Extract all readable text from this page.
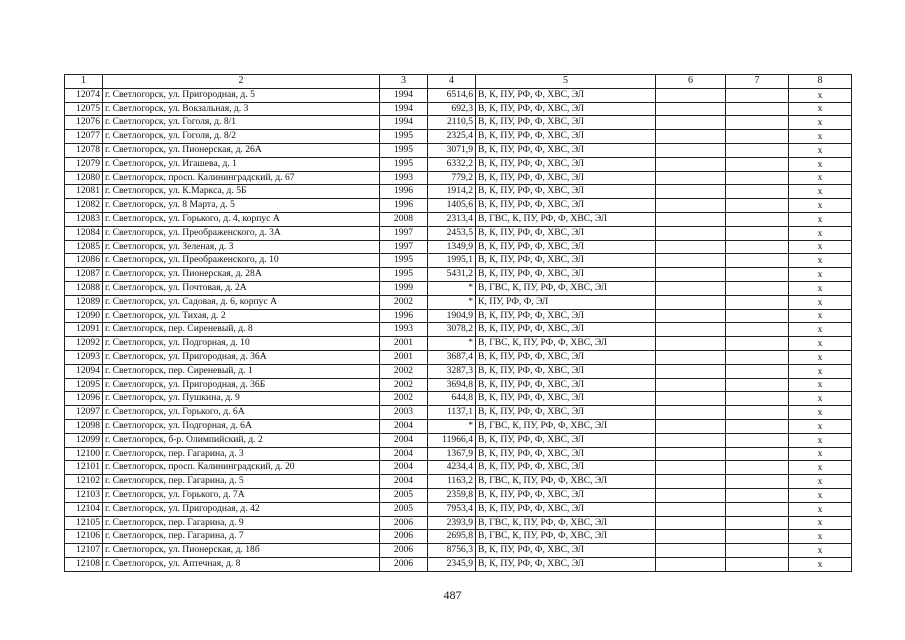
1	2	3	4	5	6	7	8
12074	г. Светлогорск, ул. Пригородная, д. 5	1994	6514,6	В, К, ПУ, РФ, Ф, ХВС, ЭЛ			x
12075	г. Светлогорск, ул. Вокзальная, д. 3	1994	692,3	В, К, ПУ, РФ, Ф, ХВС, ЭЛ			x
12076	г. Светлогорск, ул. Гоголя, д. 8/1	1994	2110,5	В, К, ПУ, РФ, Ф, ХВС, ЭЛ			x
12077	г. Светлогорск, ул. Гоголя, д. 8/2	1995	2325,4	В, К, ПУ, РФ, Ф, ХВС, ЭЛ			x
12078	г. Светлогорск, ул. Пионерская, д. 26А	1995	3071,9	В, К, ПУ, РФ, Ф, ХВС, ЭЛ			x
12079	г. Светлогорск, ул. Игашева, д. 1	1995	6332,2	В, К, ПУ, РФ, Ф, ХВС, ЭЛ			x
12080	г. Светлогорск, просп. Калининградский, д. 67	1993	779,2	В, К, ПУ, РФ, Ф, ХВС, ЭЛ			x
12081	г. Светлогорск, ул. К.Маркса, д. 5Б	1996	1914,2	В, К, ПУ, РФ, Ф, ХВС, ЭЛ			x
12082	г. Светлогорск, ул. 8 Марта, д. 5	1996	1405,6	В, К, ПУ, РФ, Ф, ХВС, ЭЛ			x
12083	г. Светлогорск, ул. Горького, д. 4, корпус А	2008	2313,4	В, ГВС, К, ПУ, РФ, Ф, ХВС, ЭЛ			x
12084	г. Светлогорск, ул. Преображенского, д. 3А	1997	2453,5	В, К, ПУ, РФ, Ф, ХВС, ЭЛ			x
12085	г. Светлогорск, ул. Зеленая, д. 3	1997	1349,9	В, К, ПУ, РФ, Ф, ХВС, ЭЛ			x
12086	г. Светлогорск, ул. Преображенского, д. 10	1995	1995,1	В, К, ПУ, РФ, Ф, ХВС, ЭЛ			x
12087	г. Светлогорск, ул. Пионерская, д. 28А	1995	5431,2	В, К, ПУ, РФ, Ф, ХВС, ЭЛ			x
12088	г. Светлогорск, ул. Почтовая, д. 2А	1999	*	В, ГВС, К, ПУ, РФ, Ф, ХВС, ЭЛ			x
12089	г. Светлогорск, ул. Садовая, д. 6, корпус А	2002	*	К, ПУ, РФ, Ф, ЭЛ			x
12090	г. Светлогорск, ул. Тихая, д. 2	1996	1904,9	В, К, ПУ, РФ, Ф, ХВС, ЭЛ			x
12091	г. Светлогорск, пер. Сиреневый, д. 8	1993	3078,2	В, К, ПУ, РФ, Ф, ХВС, ЭЛ			x
12092	г. Светлогорск, ул. Подгорная, д. 10	2001	*	В, ГВС, К, ПУ, РФ, Ф, ХВС, ЭЛ			x
12093	г. Светлогорск, ул. Пригородная, д. 36А	2001	3687,4	В, К, ПУ, РФ, Ф, ХВС, ЭЛ			x
12094	г. Светлогорск, пер. Сиреневый, д. 1	2002	3287,3	В, К, ПУ, РФ, Ф, ХВС, ЭЛ			x
12095	г. Светлогорск, ул. Пригородная, д. 36Б	2002	3694,8	В, К, ПУ, РФ, Ф, ХВС, ЭЛ			x
12096	г. Светлогорск, ул. Пушкина, д. 9	2002	644,8	В, К, ПУ, РФ, Ф, ХВС, ЭЛ			x
12097	г. Светлогорск, ул. Горького, д. 6А	2003	1137,1	В, К, ПУ, РФ, Ф, ХВС, ЭЛ			x
12098	г. Светлогорск, ул. Подгорная, д. 6А	2004	*	В, ГВС, К, ПУ, РФ, Ф, ХВС, ЭЛ			x
12099	г. Светлогорск, б-р. Олимпийский, д. 2	2004	11966,4	В, К, ПУ, РФ, Ф, ХВС, ЭЛ			x
12100	г. Светлогорск, пер. Гагарина, д. 3	2004	1367,9	В, К, ПУ, РФ, Ф, ХВС, ЭЛ			x
12101	г. Светлогорск, просп. Калининградский, д. 20	2004	4234,4	В, К, ПУ, РФ, Ф, ХВС, ЭЛ			x
12102	г. Светлогорск, пер. Гагарина, д. 5	2004	1163,2	В, ГВС, К, ПУ, РФ, Ф, ХВС, ЭЛ			x
12103	г. Светлогорск, ул. Горького, д. 7А	2005	2359,8	В, К, ПУ, РФ, Ф, ХВС, ЭЛ			x
12104	г. Светлогорск, ул. Пригородная, д. 42	2005	7953,4	В, К, ПУ, РФ, Ф, ХВС, ЭЛ			x
12105	г. Светлогорск, пер. Гагарина, д. 9	2006	2393,9	В, ГВС, К, ПУ, РФ, Ф, ХВС, ЭЛ			x
12106	г. Светлогорск, пер. Гагарина, д. 7	2006	2695,8	В, ГВС, К, ПУ, РФ, Ф, ХВС, ЭЛ			x
12107	г. Светлогорск, ул. Пионерская, д. 18б	2006	8756,3	В, К, ПУ, РФ, Ф, ХВС, ЭЛ			x
12108	г. Светлогорск, ул. Аптечная, д. 8	2006	2345,9	В, К, ПУ, РФ, Ф, ХВС, ЭЛ			x
487
